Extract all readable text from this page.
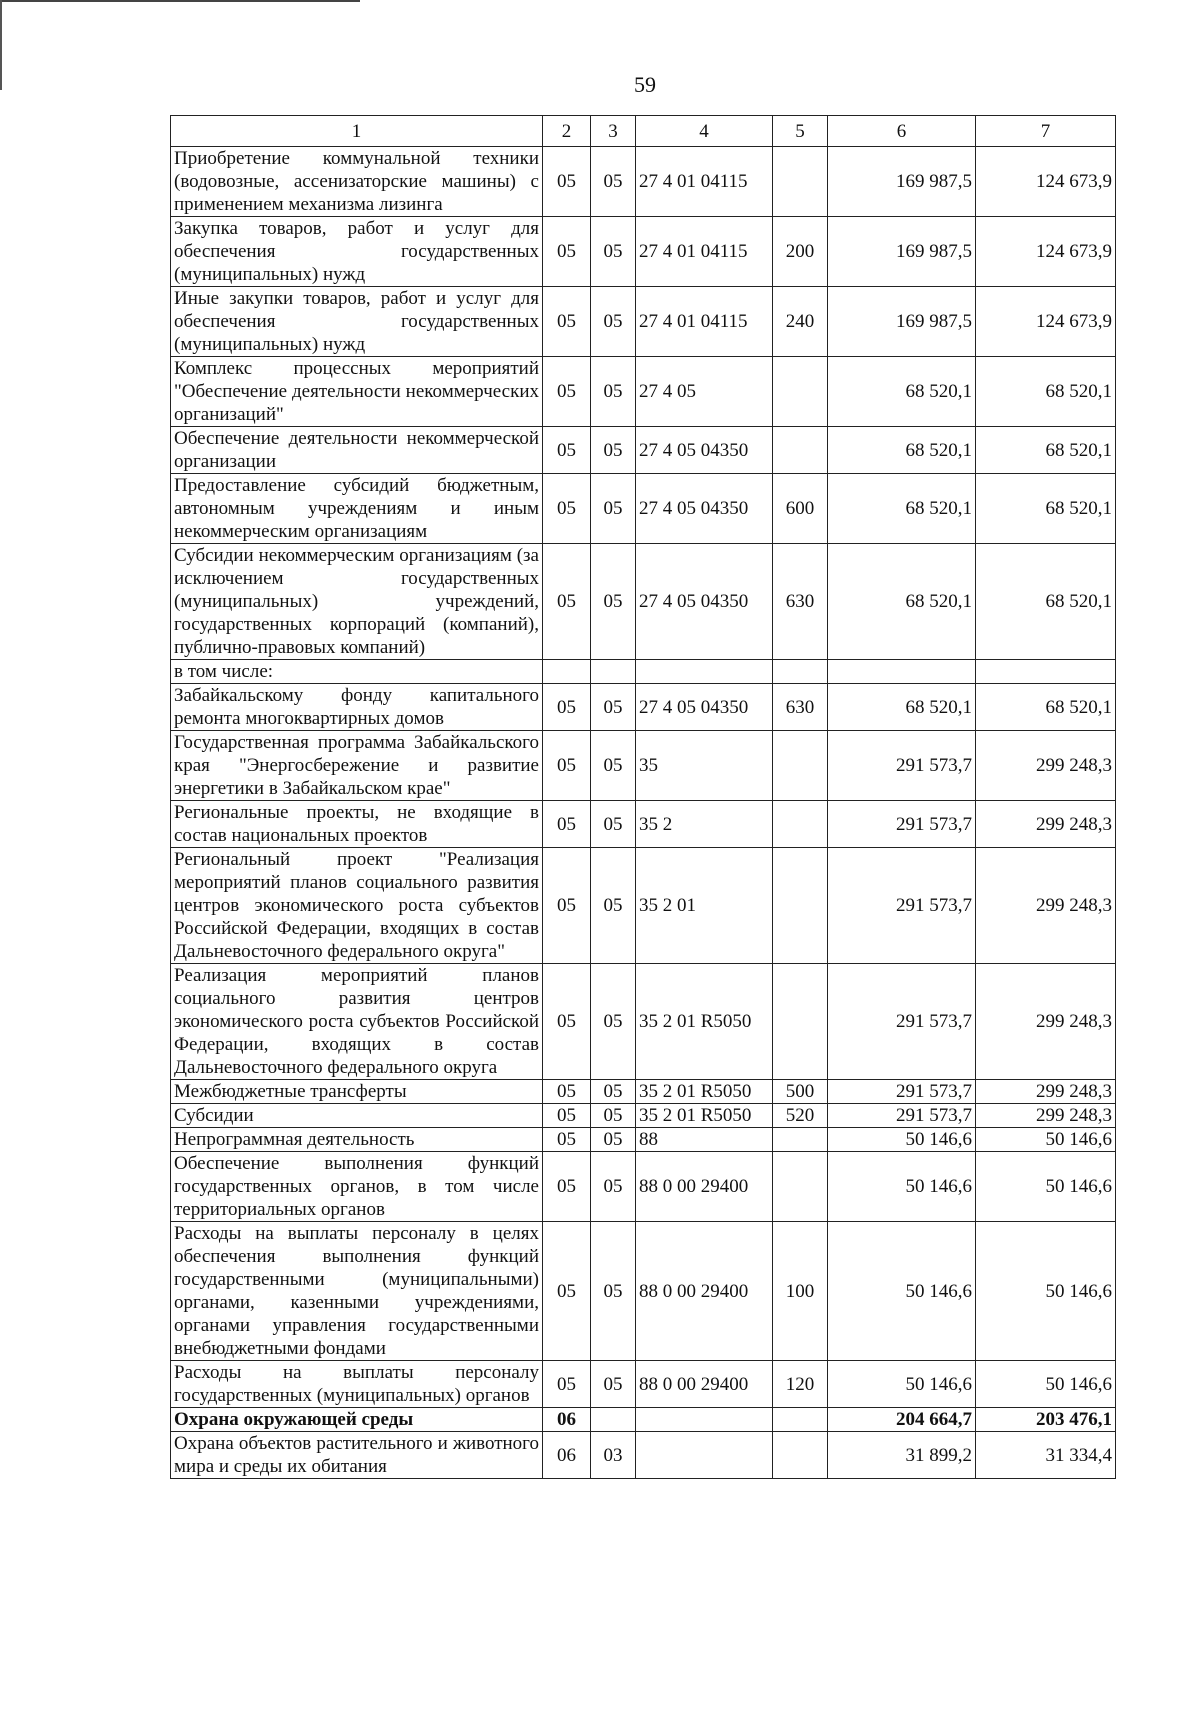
59
1	2	3	4	5	6	7
Приобретение коммунальной техники (водовозные, ассенизаторские машины) с применением механизма лизинга	05	05	27 4 01 04115		169 987,5	124 673,9
Закупка товаров, работ и услуг для обеспечения государственных (муниципальных) нужд	05	05	27 4 01 04115	200	169 987,5	124 673,9
Иные закупки товаров, работ и услуг для обеспечения государственных (муниципальных) нужд	05	05	27 4 01 04115	240	169 987,5	124 673,9
Комплекс процессных мероприятий "Обеспечение деятельности некоммерческих организаций"	05	05	27 4 05		68 520,1	68 520,1
Обеспечение деятельности некоммерческой организации	05	05	27 4 05 04350		68 520,1	68 520,1
Предоставление субсидий бюджетным, автономным учреждениям и иным некоммерческим организациям	05	05	27 4 05 04350	600	68 520,1	68 520,1
Субсидии некоммерческим организациям (за исключением государственных (муниципальных) учреждений, государственных корпораций (компаний), публично-правовых компаний)	05	05	27 4 05 04350	630	68 520,1	68 520,1
в том числе:						
Забайкальскому фонду капитального ремонта многоквартирных домов	05	05	27 4 05 04350	630	68 520,1	68 520,1
Государственная программа Забайкальского края "Энергосбережение и развитие энергетики в Забайкальском крае"	05	05	35		291 573,7	299 248,3
Региональные проекты, не входящие в состав национальных проектов	05	05	35 2		291 573,7	299 248,3
Региональный проект "Реализация мероприятий планов социального развития центров экономического роста субъектов Российской Федерации, входящих в состав Дальневосточного федерального округа"	05	05	35 2 01		291 573,7	299 248,3
Реализация мероприятий планов социального развития центров экономического роста субъектов Российской Федерации, входящих в состав Дальневосточного федерального округа	05	05	35 2 01 R5050		291 573,7	299 248,3
Межбюджетные трансферты	05	05	35 2 01 R5050	500	291 573,7	299 248,3
Субсидии	05	05	35 2 01 R5050	520	291 573,7	299 248,3
Непрограммная деятельность	05	05	88		50 146,6	50 146,6
Обеспечение выполнения функций государственных органов, в том числе территориальных органов	05	05	88 0 00 29400		50 146,6	50 146,6
Расходы на выплаты персоналу в целях обеспечения выполнения функций государственными (муниципальными) органами, казенными учреждениями, органами управления государственными внебюджетными фондами	05	05	88 0 00 29400	100	50 146,6	50 146,6
Расходы на выплаты персоналу государственных (муниципальных) органов	05	05	88 0 00 29400	120	50 146,6	50 146,6
Охрана окружающей среды	06				204 664,7	203 476,1
Охрана объектов растительного и животного мира и среды их обитания	06	03			31 899,2	31 334,4
